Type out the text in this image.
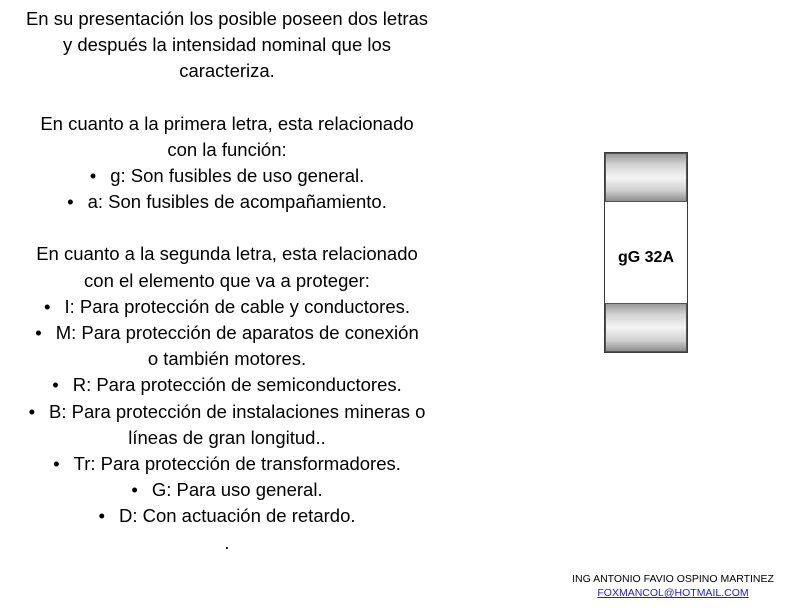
En su presentación los posible poseen dos letras

y después la intensidad nominal que los

caracteriza.

En cuanto a la primera letra, esta relacionado

con la función:

• g: Son fusibles de uso general.

• a: Son fusibles de acompañamiento.

En cuanto a la segunda letra, esta relacionado

con el elemento que va a proteger:

• I: Para protección de cable y conductores.

• M: Para protección de aparatos de conexión

o también motores.

• R: Para protección de semiconductores.

• B: Para protección de instalaciones mineras o

líneas de gran longitud..

• Tr: Para protección de transformadores.

• G: Para uso general.

• D: Con actuación de retardo.

.

gG 32A
ING ANTONIO FAVIO OSPINO MARTINEZ
FOXMANCOL@HOTMAIL.COM
